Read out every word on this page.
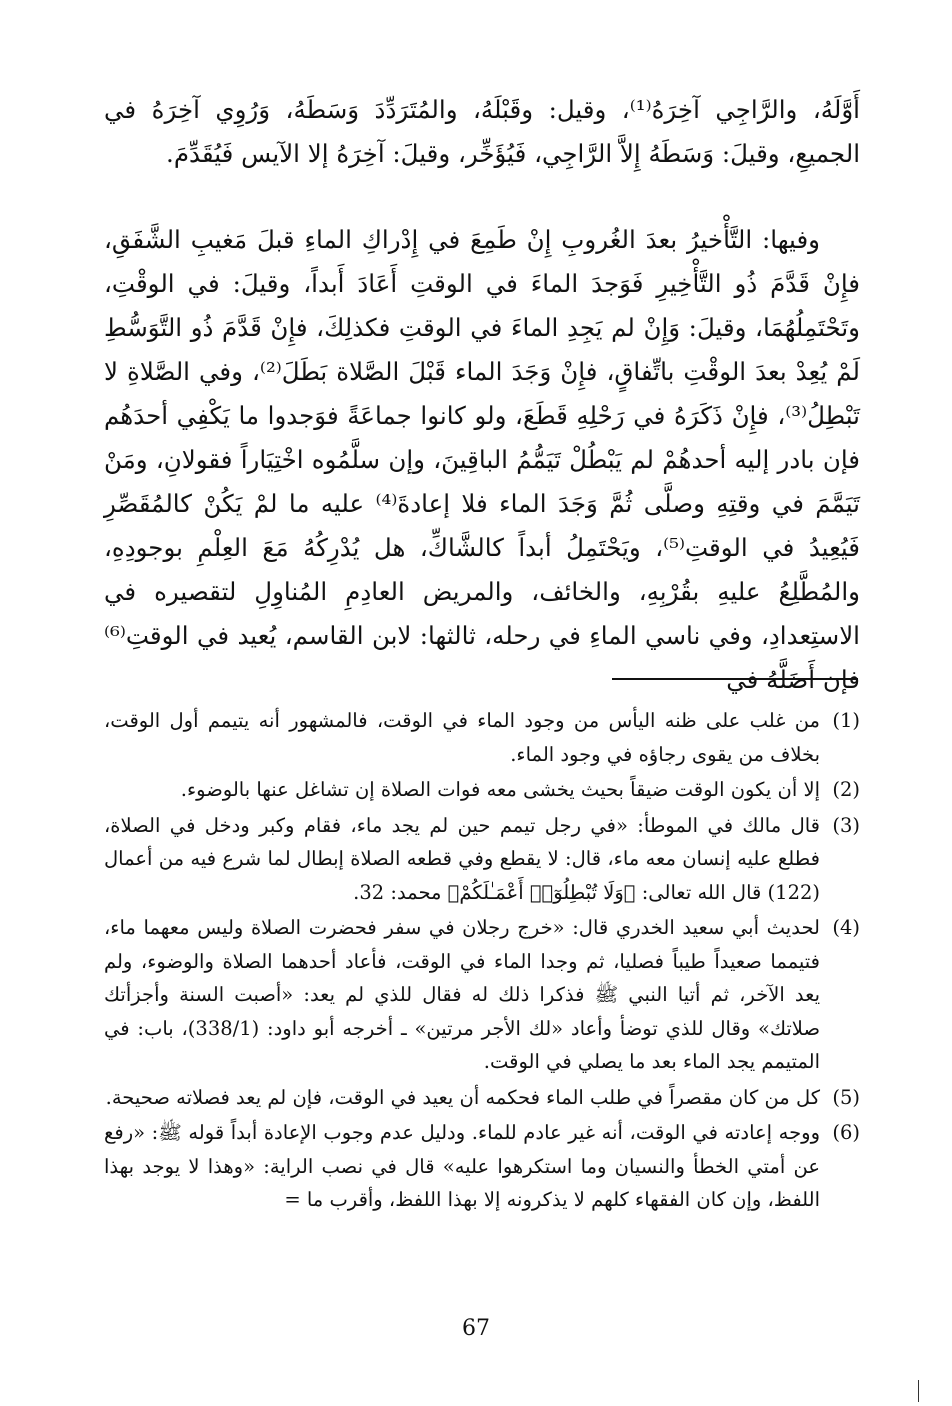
أَوَّلَهُ، والرَّاجِي آخِرَهُ⁽¹⁾، وقيل: وقَبْلَهُ، والمُتَرَدِّدَ وَسَطَهُ، وَرُوِي آخِرَهُ في الجميعِ، وقيلَ: وَسَطَهُ إِلاَّ الرَّاجِي، فَيُؤَخِّر، وقيلَ: آخِرَهُ إلا الآيس فَيُقَدِّمَ.

وفيها: التَّأْخيرُ بعدَ الغُروبِ إِنْ طَمِعَ في إِدْراكِ الماءِ قبلَ مَغيبِ الشَّفَقِ، فإِنْ قَدَّمَ ذُو التَّأْخِيرِ فَوَجدَ الماءَ في الوقتِ أَعَادَ أَبداً، وقيلَ: في الوقْتِ، وتَحْتَمِلُهُمَا، وقيلَ: وَإِنْ لم يَجِدِ الماءَ في الوقتِ فكذلِكَ، فإِنْ قَدَّمَ ذُو التَّوَسُّطِ لَمْ يُعِدْ بعدَ الوقْتِ باتِّفاقٍ، فإِنْ وَجَدَ الماء قَبْلَ الصَّلاة بَطَلَ⁽²⁾، وفي الصَّلاةِ لا تَبْطِلُ⁽³⁾، فإِنْ ذَكَرَهُ في رَحْلِهِ قَطَعَ، ولو كانوا جماعَةً فوَجدوا ما يَكْفِي أحدَهُم فإن بادر إليه أحدهُمْ لم يَبْطُلْ تَيَمُّمُ الباقِينَ، وإن سلَّمُوه اخْتِيَاراً فقولانِ، ومَنْ تَيَمَّمَ في وقتِهِ وصلَّى ثُمَّ وَجَدَ الماء فلا إعادةَ⁽⁴⁾ عليه ما لمْ يَكُنْ كالمُقَصِّرِ فَيُعِيدُ في الوقتِ⁽⁵⁾، ويَحْتَمِلُ أبداً كالشَّاكِّ، هل يُدْرِكُهُ مَعَ العِلْمِ بوجودِهِ، والمُطَّلِعُ عليهِ بقُرْبِهِ، والخائف، والمريض العادِمِ المُناوِلِ لتقصيره في الاستِعدادِ، وفي ناسي الماءِ في رحله، ثالثها: لابن القاسم، يُعيد في الوقتِ⁽⁶⁾ فإن أَضَلَّهُ في

(1)
من غلب على ظنه اليأس من وجود الماء في الوقت، فالمشهور أنه يتيمم أول الوقت، بخلاف من يقوى رجاؤه في وجود الماء.
(2)
إلا أن يكون الوقت ضيقاً بحيث يخشى معه فوات الصلاة إن تشاغل عنها بالوضوء.
(3)
قال مالك في الموطأ: «في رجل تيمم حين لم يجد ماء، فقام وكبر ودخل في الصلاة، فطلع عليه إنسان معه ماء، قال: لا يقطع وفي قطعه الصلاة إبطال لما شرع فيه من أعمال (122) قال الله تعالى: ﴿وَلَا تُبْطِلُوٓا۟ أَعْمَـٰلَكُمْ﴾ محمد: 32.
(4)
لحديث أبي سعيد الخدري قال: «خرج رجلان في سفر فحضرت الصلاة وليس معهما ماء، فتيمما صعيداً طيباً فصليا، ثم وجدا الماء في الوقت، فأعاد أحدهما الصلاة والوضوء، ولم يعد الآخر، ثم أتيا النبي ﷺ فذكرا ذلك له فقال للذي لم يعد: «أصبت السنة وأجزأتك صلاتك» وقال للذي توضأ وأعاد «لك الأجر مرتين» ـ أخرجه أبو داود: (338/1)، باب: في المتيمم يجد الماء بعد ما يصلي في الوقت.
(5)
كل من كان مقصراً في طلب الماء فحكمه أن يعيد في الوقت، فإن لم يعد فصلاته صحيحة.
(6)
ووجه إعادته في الوقت، أنه غير عادم للماء. ودليل عدم وجوب الإعادة أبداً قوله ﷺ: «رفع عن أمتي الخطأ والنسيان وما استكرهوا عليه» قال في نصب الراية: «وهذا لا يوجد بهذا اللفظ، وإن كان الفقهاء كلهم لا يذكرونه إلا بهذا اللفظ، وأقرب ما =
67
